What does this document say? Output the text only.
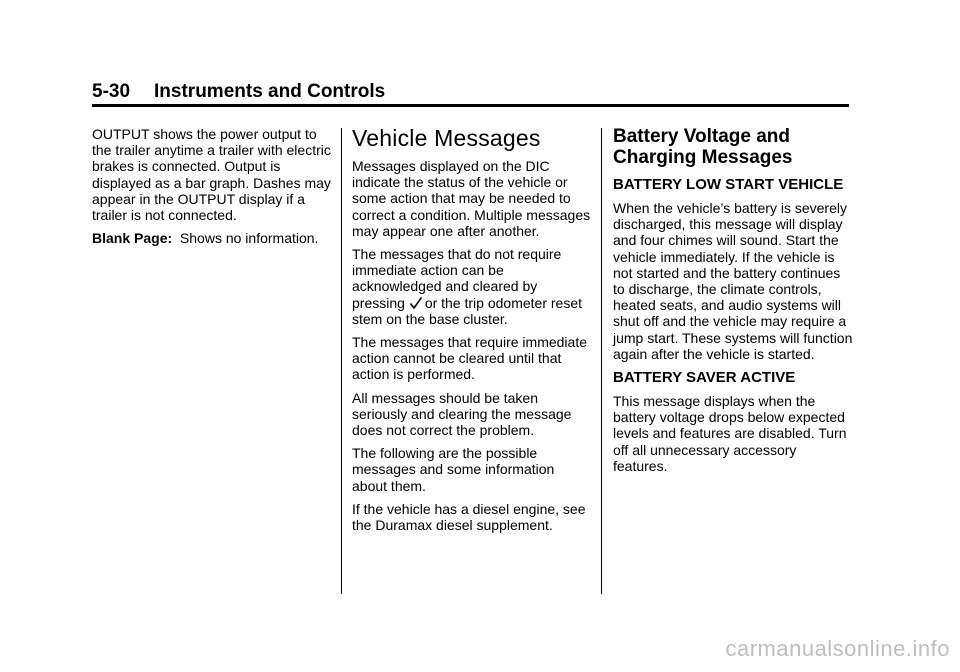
5-30 Instruments and Controls

OUTPUT shows the power output to the trailer anytime a trailer with electric brakes is connected. Output is displayed as a bar graph. Dashes may appear in the OUTPUT display if a trailer is not connected.

Blank Page: Shows no information.

Vehicle Messages

Messages displayed on the DIC indicate the status of the vehicle or some action that may be needed to correct a condition. Multiple messages may appear one after another.

The messages that do not require immediate action can be acknowledged and cleared by pressing or the trip odometer reset stem on the base cluster.

The messages that require immediate action cannot be cleared until that action is performed.

All messages should be taken seriously and clearing the message does not correct the problem.

The following are the possible messages and some information about them.

If the vehicle has a diesel engine, see the Duramax diesel supplement.

Battery Voltage and Charging Messages
BATTERY LOW START VEHICLE

When the vehicle’s battery is severely discharged, this message will display and four chimes will sound. Start the vehicle immediately. If the vehicle is not started and the battery continues to discharge, the climate controls, heated seats, and audio systems will shut off and the vehicle may require a jump start. These systems will function again after the vehicle is started.

BATTERY SAVER ACTIVE

This message displays when the battery voltage drops below expected levels and features are disabled. Turn off all unnecessary accessory features.

carmanualsonline.info
